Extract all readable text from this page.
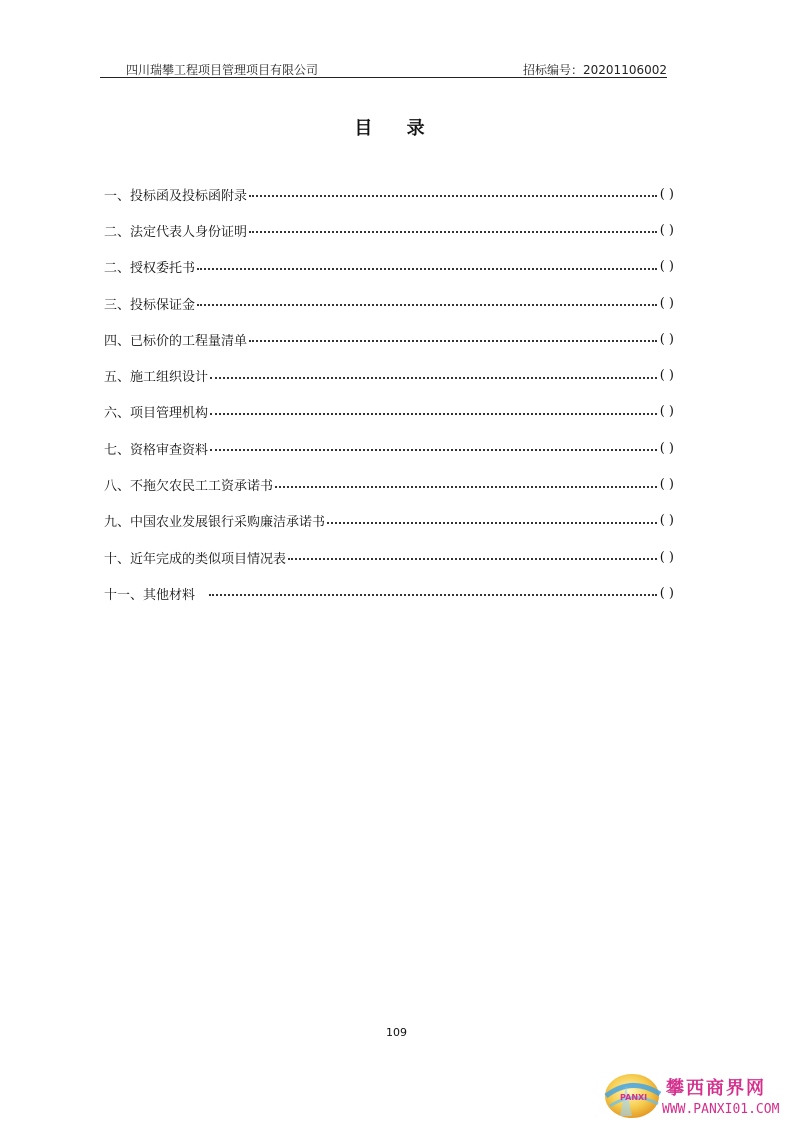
四川瑞攀工程项目管理项目有限公司	招标编号：20201106002
目 录
一、投标函及投标函附录	( )
二、法定代表人身份证明	( )
二、授权委托书	( )
三、投标保证金	( )
四、已标价的工程量清单	( )
五、施工组织设计	( )
六、项目管理机构	( )
七、资格审查资料	( )
八、不拖欠农民工工资承诺书	( )
九、中国农业发展银行采购廉洁承诺书	( )
十、近年完成的类似项目情况表	( )
十一、其他材料	( )
109
PANXI 攀西商界网
WWW.PANXI01.COM
